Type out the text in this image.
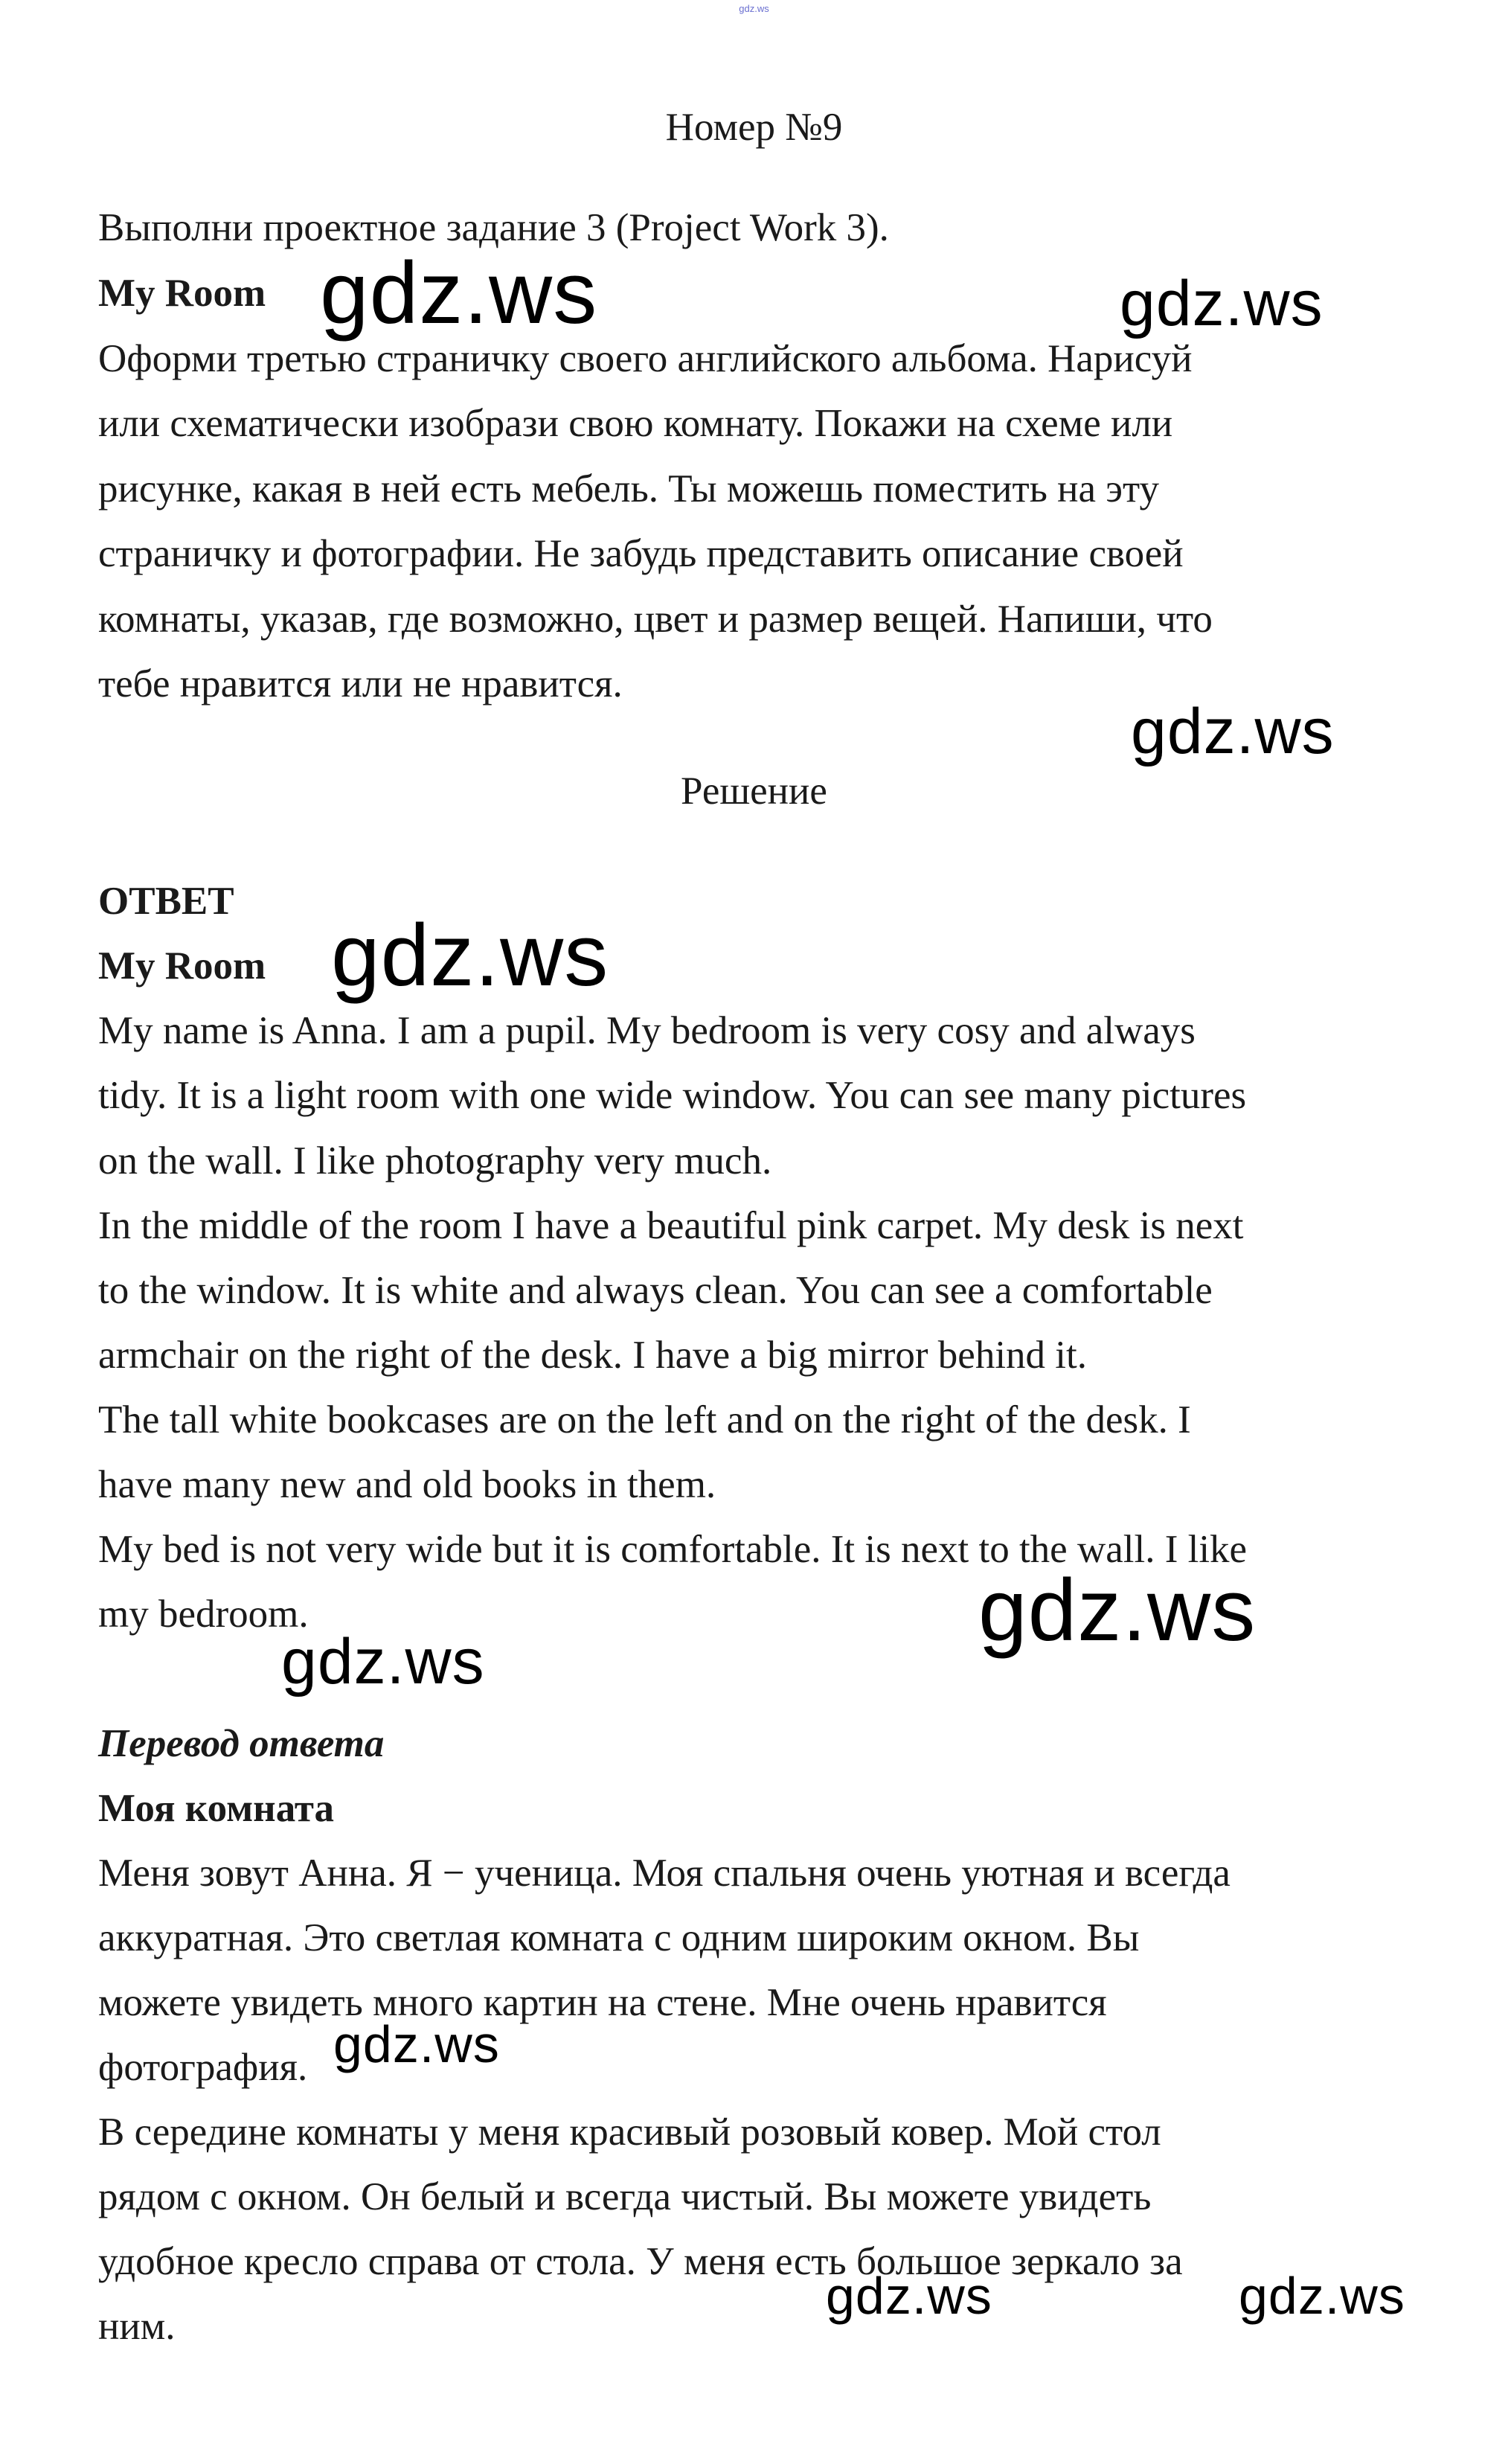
gdz.ws
Номер №9
Выполни проектное задание 3 (Project Work 3).
My Room
Оформи третью страничку своего английского альбома. Нарисуй
или схематически изобрази свою комнату. Покажи на схеме или
рисунке, какая в ней есть мебель. Ты можешь поместить на эту
страничку и фотографии. Не забудь представить описание своей
комнаты, указав, где возможно, цвет и размер вещей. Напиши, что
тебе нравится или не нравится.
Решение
ОТВЕТ
My Room
My name is Anna. I am a pupil. My bedroom is very cosy and always
tidy. It is a light room with one wide window. You can see many pictures
on the wall. I like photography very much.
In the middle of the room I have a beautiful pink carpet. My desk is next
to the window. It is white and always clean. You can see a comfortable
armchair on the right of the desk. I have a big mirror behind it.
The tall white bookcases are on the left and on the right of the desk. I
have many new and old books in them.
My bed is not very wide but it is comfortable. It is next to the wall. I like
my bedroom.
Перевод ответа
Моя комната
Меня зовут Анна. Я − ученица. Моя спальня очень уютная и всегда
аккуратная. Это светлая комната с одним широким окном. Вы
можете увидеть много картин на стене. Мне очень нравится
фотография.
В середине комнаты у меня красивый розовый ковер. Мой стол
рядом с окном. Он белый и всегда чистый. Вы можете увидеть
удобное кресло справа от стола. У меня есть большое зеркало за
ним.
gdz.ws	gdz.ws
gdz.ws
gdz.ws
gdz.ws
gdz.ws
gdz.ws
gdz.ws	gdz.ws
